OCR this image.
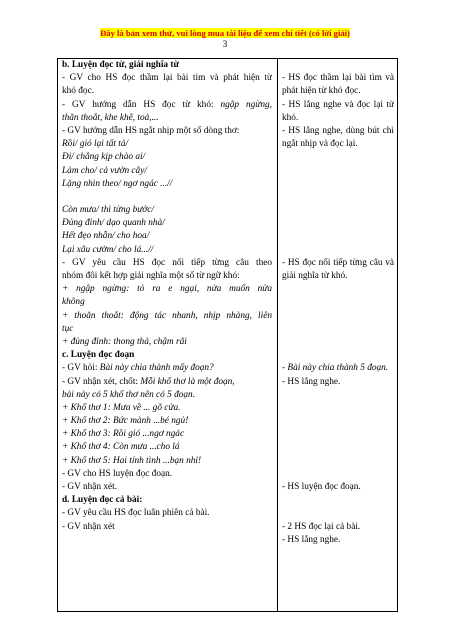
Đây là bản xem thử, vui lòng mua tài liệu để xem chi tiết (có lời giải)
3
b. Luyện đọc từ, giải nghĩa từ
- GV cho HS đọc thầm lại bài tìm và phát hiện từ
khó đọc.
- GV hướng dẫn HS đọc từ khó: ngập ngừng,
thăn thoắt, khe khẽ, toả,...
- GV hướng dẫn HS ngắt nhịp một số dòng thơ:
Rồi/ gió lại tất tả/
Đi/ chẳng kịp chào ai/
Làm cho/ cả vườn cây/
Lặng nhìn theo/ ngơ ngác ...//
Còn mưa/ thì từng bước/
Đủng đỉnh/ dạo quanh nhà/
Hết đẹo nhẫn/ cho hoa/
Lại xâu cườm/ cho lá...//
- GV yêu cầu HS đọc nối tiếp từng câu theo
nhóm đôi kết hợp giải nghĩa một số từ ngữ khó:
+ ngập ngừng: tỏ ra e ngại, nửa muốn nửa
không
+ thoăn thoắt: động tác nhanh, nhịp nhàng, liên
tục
+ đủng đỉnh: thong thả, chậm rãi
c. Luyện đọc đoạn
- GV hỏi: Bài này chia thành mấy đoạn?
- GV nhận xét, chốt: Mỗi khổ thơ là một đoạn,
bài này có 5 khổ thơ nên có 5 đoạn.
+ Khổ thơ 1: Mưa về ... gõ cửa.
+ Khổ thơ 2: Bức mành ...bé ngủ!
+ Khổ thơ 3: Rồi gió ...ngơ ngác
+ Khổ thơ 4: Còn mưa ...cho lá
+ Khổ thơ 5: Hai tính tình ...bạn nhỉ!
- GV cho HS luyện đọc đoạn.
- GV nhận xét.
d. Luyện đọc cả bài:
- GV yêu cầu HS đọc luân phiên cả bài.
- GV nhận xét
- HS đọc thầm lại bài tìm và
phát hiện từ khó đọc.
- HS lắng nghe và đọc lại từ
khó.
- HS lắng nghe, dùng bút chì
ngắt nhịp và đọc lại.
- HS đọc nối tiếp từng câu và
giải nghĩa từ khó.
- Bài này chia thành 5 đoạn.
- HS lắng nghe.
- HS luyện đọc đoạn.
- 2 HS đọc lại cả bài.
- HS lắng nghe.
